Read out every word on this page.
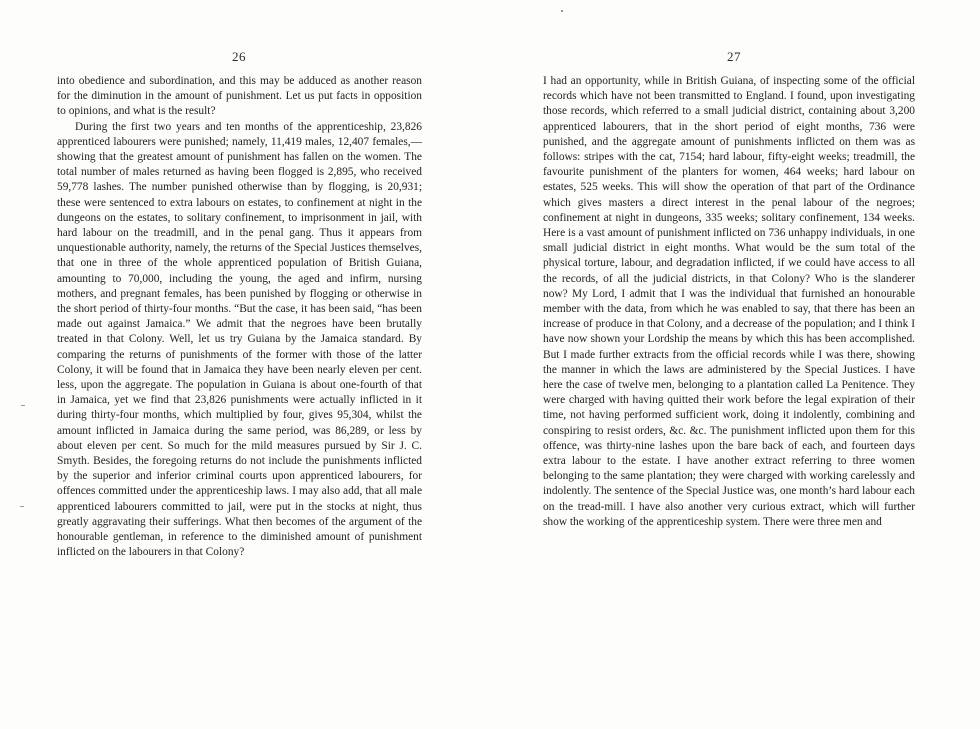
26

into obedience and subordination, and this may be adduced as another reason for the diminution in the amount of punishment. Let us put facts in opposition to opinions, and what is the result?

During the first two years and ten months of the apprenticeship, 23,826 apprenticed labourers were punished; namely, 11,419 males, 12,407 females,—showing that the greatest amount of punishment has fallen on the women. The total number of males returned as having been flogged is 2,895, who received 59,778 lashes. The number punished otherwise than by flogging, is 20,931; these were sentenced to extra labours on estates, to confinement at night in the dungeons on the estates, to solitary confinement, to imprisonment in jail, with hard labour on the treadmill, and in the penal gang. Thus it appears from unquestionable authority, namely, the returns of the Special Justices themselves, that one in three of the whole apprenticed population of British Guiana, amounting to 70,000, including the young, the aged and infirm, nursing mothers, and pregnant females, has been punished by flogging or otherwise in the short period of thirty-four months. “But the case, it has been said, “has been made out against Jamaica.” We admit that the negroes have been brutally treated in that Colony. Well, let us try Guiana by the Jamaica standard. By comparing the returns of punishments of the former with those of the latter Colony, it will be found that in Jamaica they have been nearly eleven per cent. less, upon the aggregate. The population in Guiana is about one-fourth of that in Jamaica, yet we find that 23,826 punishments were actually inflicted in it during thirty-four months, which multiplied by four, gives 95,304, whilst the amount inflicted in Jamaica during the same period, was 86,289, or less by about eleven per cent. So much for the mild measures pursued by Sir J. C. Smyth. Besides, the foregoing returns do not include the punishments inflicted by the superior and inferior criminal courts upon apprenticed labourers, for offences committed under the apprenticeship laws. I may also add, that all male apprenticed labourers committed to jail, were put in the stocks at night, thus greatly aggravating their sufferings. What then becomes of the argument of the honourable gentleman, in reference to the diminished amount of punishment inflicted on the labourers in that Colony?

27

I had an opportunity, while in British Guiana, of inspecting some of the official records which have not been transmitted to England. I found, upon investigating those records, which referred to a small judicial district, containing about 3,200 apprenticed labourers, that in the short period of eight months, 736 were punished, and the aggregate amount of punishments inflicted on them was as follows: stripes with the cat, 7154; hard labour, fifty-eight weeks; treadmill, the favourite punishment of the planters for women, 464 weeks; hard labour on estates, 525 weeks. This will show the operation of that part of the Ordinance which gives masters a direct interest in the penal labour of the negroes; confinement at night in dungeons, 335 weeks; solitary confinement, 134 weeks. Here is a vast amount of punishment inflicted on 736 unhappy individuals, in one small judicial district in eight months. What would be the sum total of the physical torture, labour, and degradation inflicted, if we could have access to all the records, of all the judicial districts, in that Colony? Who is the slanderer now? My Lord, I admit that I was the individual that furnished an honourable member with the data, from which he was enabled to say, that there has been an increase of produce in that Colony, and a decrease of the population; and I think I have now shown your Lordship the means by which this has been accomplished. But I made further extracts from the official records while I was there, showing the manner in which the laws are administered by the Special Justices. I have here the case of twelve men, belonging to a plantation called La Penitence. They were charged with having quitted their work before the legal expiration of their time, not having performed sufficient work, doing it indolently, combining and conspiring to resist orders, &c. &c. The punishment inflicted upon them for this offence, was thirty-nine lashes upon the bare back of each, and fourteen days extra labour to the estate. I have another extract referring to three women belonging to the same plantation; they were charged with working carelessly and indolently. The sentence of the Special Justice was, one month’s hard labour each on the tread-mill. I have also another very curious extract, which will further show the working of the apprenticeship system. There were three men and
